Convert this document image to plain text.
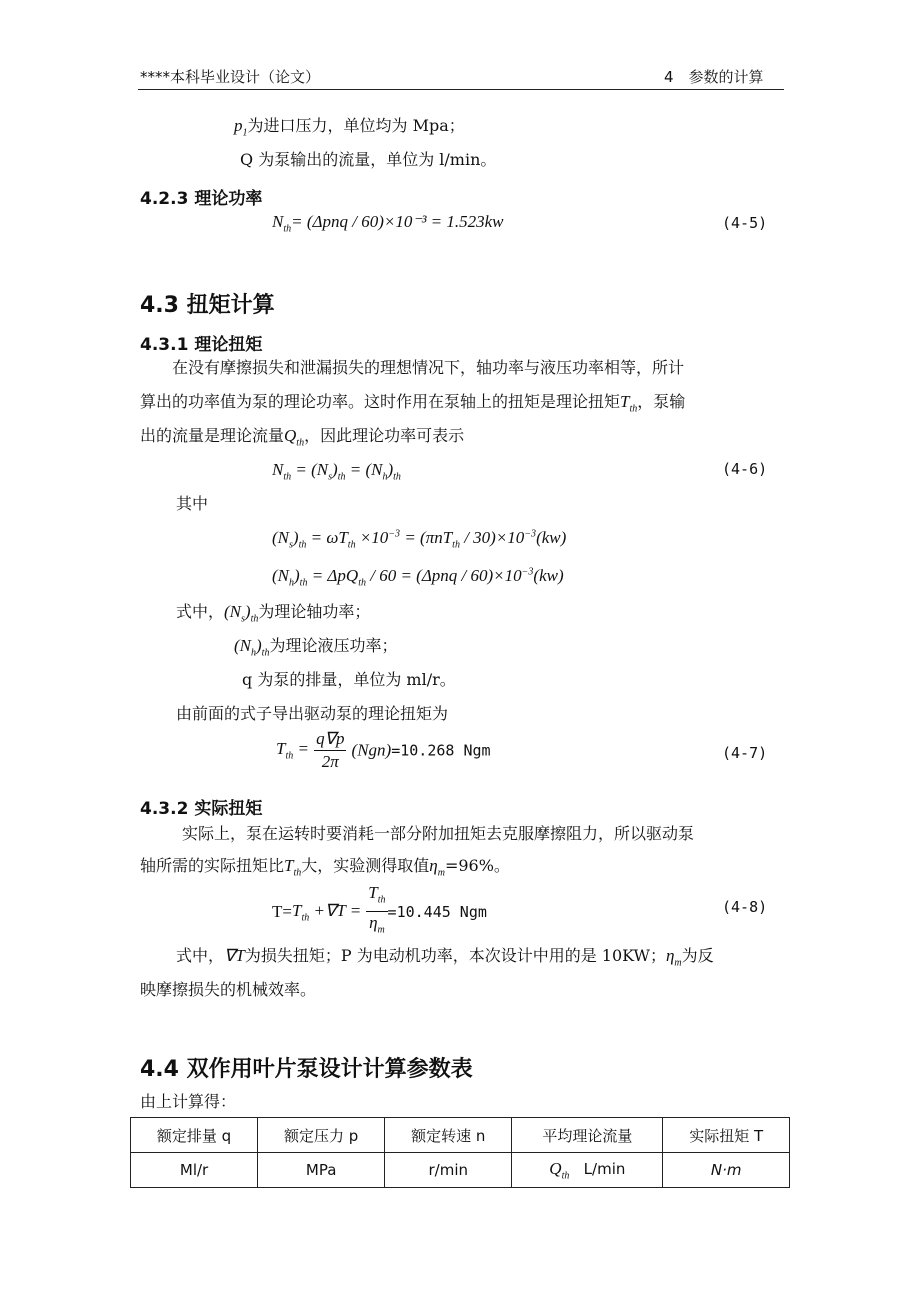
****本科毕业设计（论文）	4　参数的计算
$p_1$为进口压力，单位均为 Mpa；
Q 为泵输出的流量，单位为 l/min。
4.2.3 理论功率
$N_{th}= (\Delta pnq / 60)\times 10^{-3} = 1.523kw$	(4-5)
4.3 扭矩计算
4.3.1 理论扭矩
在没有摩擦损失和泄漏损失的理想情况下，轴功率与液压功率相等，所计
算出的功率值为泵的理论功率。这时作用在泵轴上的扭矩是理论扭矩$T_{th}$，泵输
出的流量是理论流量$Q_{th}$，因此理论功率可表示
$N_{th} = (N_s)_{th} = (N_h)_{th}$	(4-6)
其中
$(N_s)_{th} = \omega T_{th} \times 10^{-3} = (\pi nT_{th} / 30)\times 10^{-3}(kw)$
$(N_h)_{th} = \Delta pQ_{th} / 60 = (\Delta pnq / 60)\times 10^{-3}(kw)$
式中，$(N_s)_{th}$为理论轴功率；
$(N_h)_{th}$为理论液压功率；
q 为泵的排量，单位为 ml/r。
由前面的式子导出驱动泵的理论扭矩为
$T_{th} = \frac{q\nabla p}{2\pi} (Ngn)=10.268$ Ngm	(4-7)
4.3.2 实际扭矩
实际上，泵在运转时要消耗一部分附加扭矩去克服摩擦阻力，所以驱动泵
轴所需的实际扭矩比$T_{th}$大，实验测得取值$\eta_m=96\%$。
$T=T_{th} +\nabla T = \frac{T_{th}}{\eta_m} =10.445$ Ngm	(4-8)
式中，∇T为损失扭矩；P 为电动机功率，本次设计中用的是 10KW；$\eta_m$为反
映摩擦损失的机械效率。
4.4 双作用叶片泵设计计算参数表
由上计算得：
额定排量 q	额定压力 p	额定转速 n	平均理论流量	实际扭矩 T
Ml/r	MPa	r/min	$Q_{th}$ L/min	N·m
